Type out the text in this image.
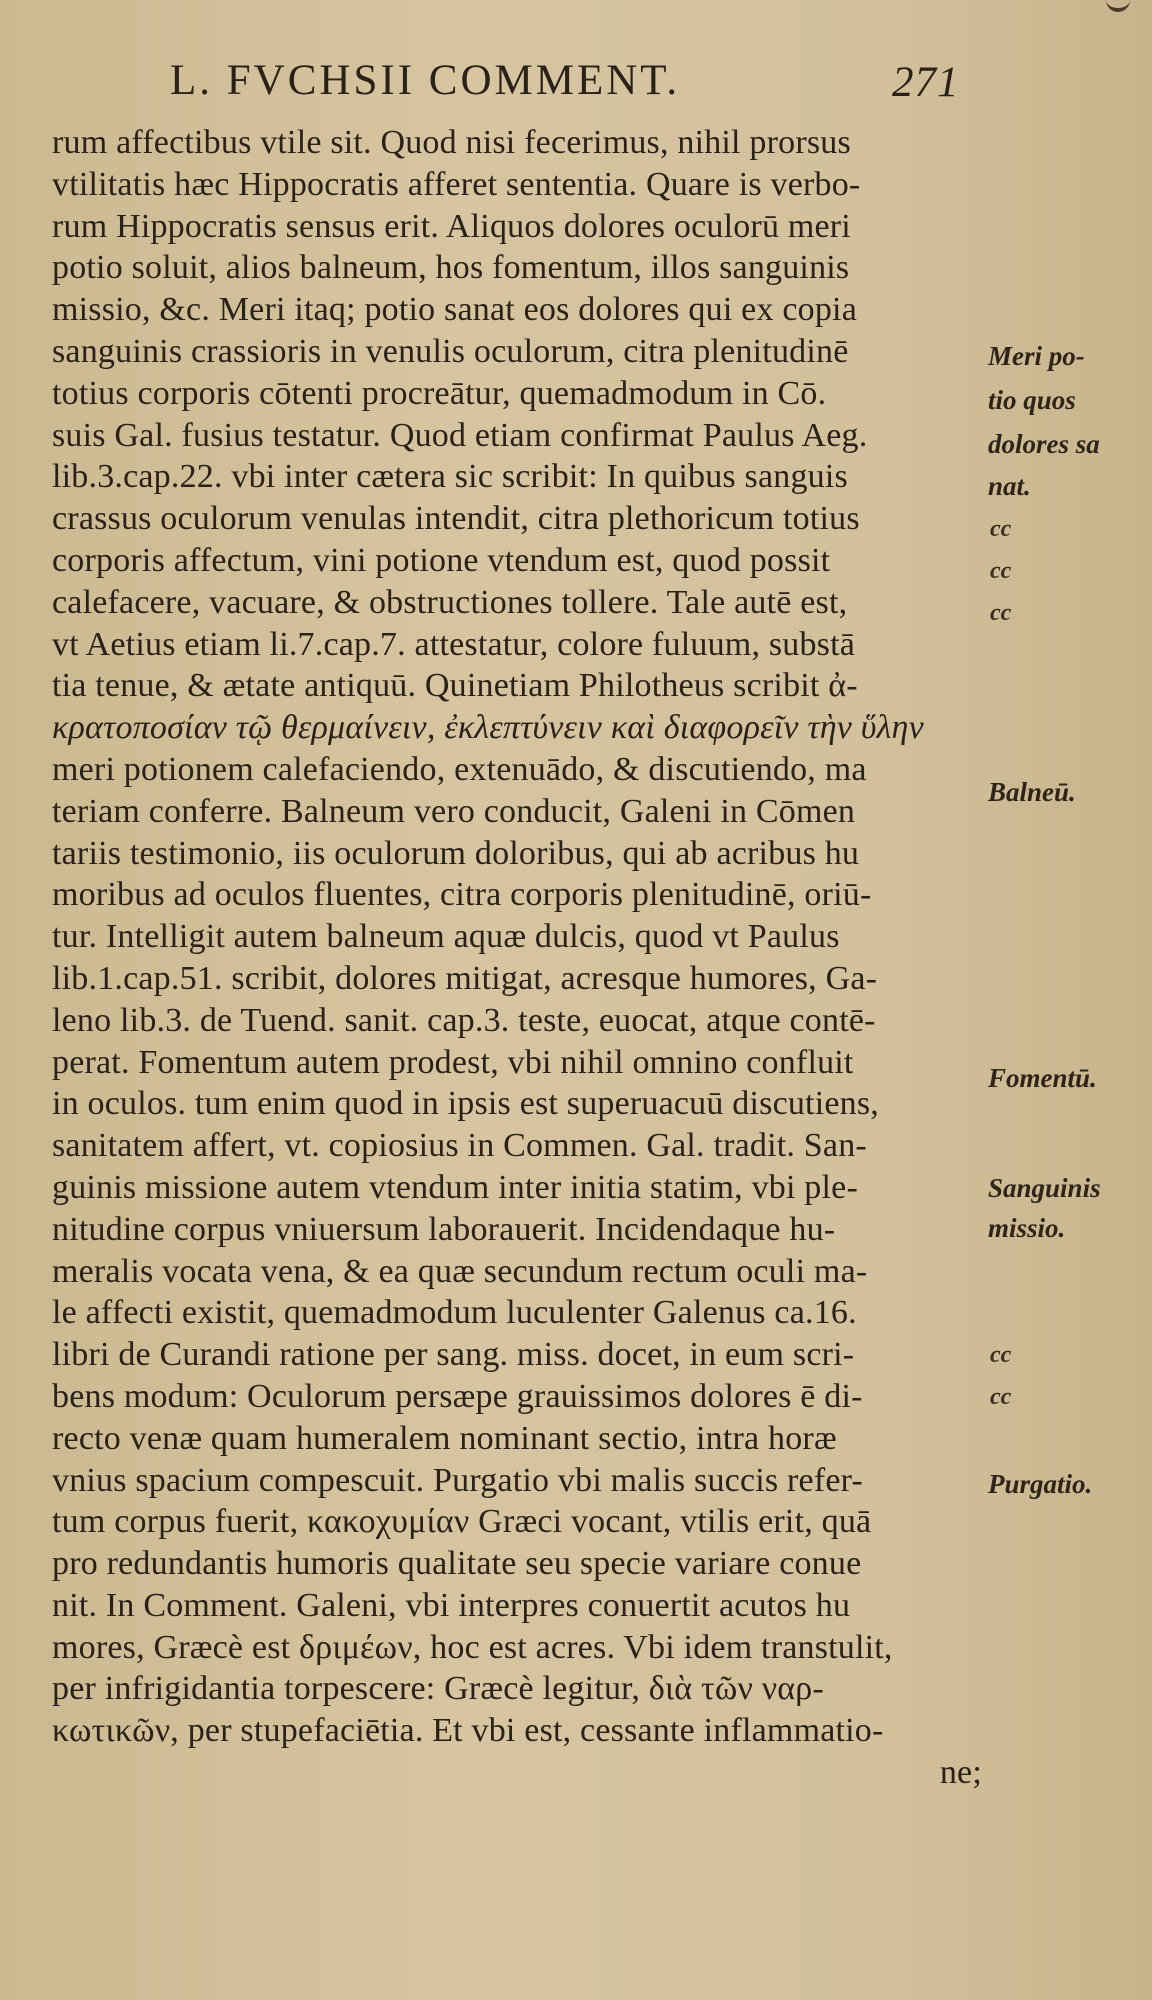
L. FVCHSII COMMENT.	271
rum affectibus vtile sit. Quod nisi fecerimus, nihil prorsus
vtilitatis hæc Hippocratis afferet sententia. Quare is verbo-
rum Hippocratis sensus erit. Aliquos dolores oculorū meri
potio soluit, alios balneum, hos fomentum, illos sanguinis
missio, &c. Meri itaq; potio sanat eos dolores qui ex copia
sanguinis crassioris in venulis oculorum, citra plenitudinē
totius corporis cōtenti procreātur, quemadmodum in Cō.
suis Gal. fusius testatur. Quod etiam confirmat Paulus Aeg.
lib.3.cap.22. vbi inter cætera sic scribit: In quibus sanguis
crassus oculorum venulas intendit, citra plethoricum totius
corporis affectum, vini potione vtendum est, quod possit
calefacere, vacuare, & obstructiones tollere. Tale autē est,
vt Aetius etiam li.7.cap.7. attestatur, colore fuluum, substā
tia tenue, & ætate antiquū. Quinetiam Philotheus scribit ἀ-
κρατοποσίαν τῷ θερμαίνειν, ἐκλεπτύνειν καὶ διαφορεῖν τὴν ὕλην
meri potionem calefaciendo, extenuādo, & discutiendo, ma
teriam conferre. Balneum vero conducit, Galeni in Cōmen
tariis testimonio, iis oculorum doloribus, qui ab acribus hu
moribus ad oculos fluentes, citra corporis plenitudinē, oriū-
tur. Intelligit autem balneum aquæ dulcis, quod vt Paulus
lib.1.cap.51. scribit, dolores mitigat, acresque humores, Ga-
leno lib.3. de Tuend. sanit. cap.3. teste, euocat, atque contē-
perat. Fomentum autem prodest, vbi nihil omnino confluit
in oculos. tum enim quod in ipsis est superuacuū discutiens,
sanitatem affert, vt. copiosius in Commen. Gal. tradit. San-
guinis missione autem vtendum inter initia statim, vbi ple-
nitudine corpus vniuersum laborauerit. Incidendaque hu-
meralis vocata vena, & ea quæ secundum rectum oculi ma-
le affecti existit, quemadmodum luculenter Galenus ca.16.
libri de Curandi ratione per sang. miss. docet, in eum scri-
bens modum: Oculorum persæpe grauissimos dolores ē di-
recto venæ quam humeralem nominant sectio, intra horæ
vnius spacium compescuit. Purgatio vbi malis succis refer-
tum corpus fuerit, κακοχυμίαν Græci vocant, vtilis erit, quā
pro redundantis humoris qualitate seu specie variare conue
nit. In Comment. Galeni, vbi interpres conuertit acutos hu
mores, Græcè est δριμέων, hoc est acres. Vbi idem transtulit,
per infrigidantia torpescere: Græcè legitur, διὰ τῶν ναρ-
κωτικῶν, per stupefaciētia. Et vbi est, cessante inflammatio-
ne;
Meri po-
tio quos
dolores sa
nat.
cc
cc
cc
Balneū.
Fomentū.
Sanguinis
missio.
cc
cc
Purgatio.
